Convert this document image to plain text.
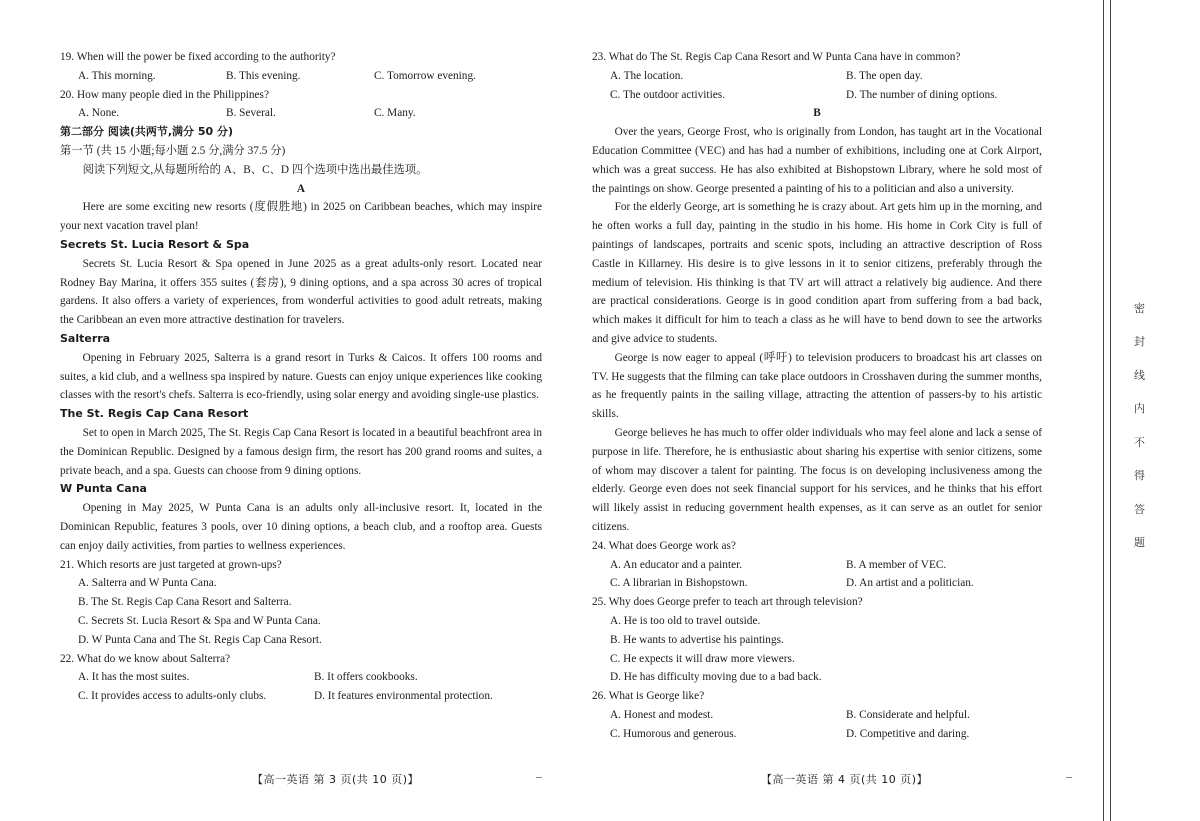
19. When will the power be fixed according to the authority?
A. This morning.	B. This evening.	C. Tomorrow evening.
20. How many people died in the Philippines?
A. None.	B. Several.	C. Many.
第二部分 阅读(共两节,满分 50 分)
第一节 (共 15 小题;每小题 2.5 分,满分 37.5 分)
阅读下列短文,从每题所给的 A、B、C、D 四个选项中选出最佳选项。
A
Here are some exciting new resorts (度假胜地) in 2025 on Caribbean beaches, which may inspire your next vacation travel plan!
Secrets St. Lucia Resort & Spa
Secrets St. Lucia Resort & Spa opened in June 2025 as a great adults-only resort. Located near Rodney Bay Marina, it offers 355 suites (套房), 9 dining options, and a spa across 30 acres of tropical gardens. It also offers a variety of experiences, from wonderful activities to good adult retreats, making the Caribbean an even more attractive destination for travelers.
Salterra
Opening in February 2025, Salterra is a grand resort in Turks & Caicos. It offers 100 rooms and suites, a kid club, and a wellness spa inspired by nature. Guests can enjoy unique experiences like cooking classes with the resort's chefs. Salterra is eco-friendly, using solar energy and avoiding single-use plastics.
The St. Regis Cap Cana Resort
Set to open in March 2025, The St. Regis Cap Cana Resort is located in a beautiful beachfront area in the Dominican Republic. Designed by a famous design firm, the resort has 200 grand rooms and suites, a private beach, and a spa. Guests can choose from 9 dining options.
W Punta Cana
Opening in May 2025, W Punta Cana is an adults only all-inclusive resort. It, located in the Dominican Republic, features 3 pools, over 10 dining options, a beach club, and a rooftop area. Guests can enjoy daily activities, from parties to wellness experiences.
21. Which resorts are just targeted at grown-ups?
A. Salterra and W Punta Cana.
B. The St. Regis Cap Cana Resort and Salterra.
C. Secrets St. Lucia Resort & Spa and W Punta Cana.
D. W Punta Cana and The St. Regis Cap Cana Resort.
22. What do we know about Salterra?
A. It has the most suites.	B. It offers cookbooks.
C. It provides access to adults-only clubs.	D. It features environmental protection.
23. What do The St. Regis Cap Cana Resort and W Punta Cana have in common?
A. The location.	B. The open day.
C. The outdoor activities.	D. The number of dining options.
B
Over the years, George Frost, who is originally from London, has taught art in the Vocational Education Committee (VEC) and has had a number of exhibitions, including one at Cork Airport, which was a great success. He has also exhibited at Bishopstown Library, where he sold most of the paintings on show. George presented a painting of his to a politician and also a university.
For the elderly George, art is something he is crazy about. Art gets him up in the morning, and he often works a full day, painting in the studio in his home. His home in Cork City is full of paintings of landscapes, portraits and scenic spots, including an attractive description of Ross Castle in Killarney. His desire is to give lessons in it to senior citizens, preferably through the medium of television. His thinking is that TV art will attract a relatively big audience. And there are practical considerations. George is in good condition apart from suffering from a bad back, which makes it difficult for him to teach a class as he will have to bend down to see the artworks and give advice to students.
George is now eager to appeal (呼吁) to television producers to broadcast his art classes on TV. He suggests that the filming can take place outdoors in Crosshaven during the summer months, as he frequently paints in the sailing village, attracting the attention of passers-by to his artistic skills.
George believes he has much to offer older individuals who may feel alone and lack a sense of purpose in life. Therefore, he is enthusiastic about sharing his expertise with senior citizens, some of whom may discover a talent for painting. The focus is on developing inclusiveness among the elderly. George even does not seek financial support for his services, and he thinks that his effort will likely assist in reducing government health expenses, as it can serve as an outlet for senior citizens.
24. What does George work as?
A. An educator and a painter.	B. A member of VEC.
C. A librarian in Bishopstown.	D. An artist and a politician.
25. Why does George prefer to teach art through television?
A. He is too old to travel outside.
B. He wants to advertise his paintings.
C. He expects it will draw more viewers.
D. He has difficulty moving due to a bad back.
26. What is George like?
A. Honest and modest.	B. Considerate and helpful.
C. Humorous and generous.	D. Competitive and daring.
【高一英语 第 3 页(共 10 页)】	【高一英语 第 4 页(共 10 页)】
密
封
线
内
不
得
答
题
